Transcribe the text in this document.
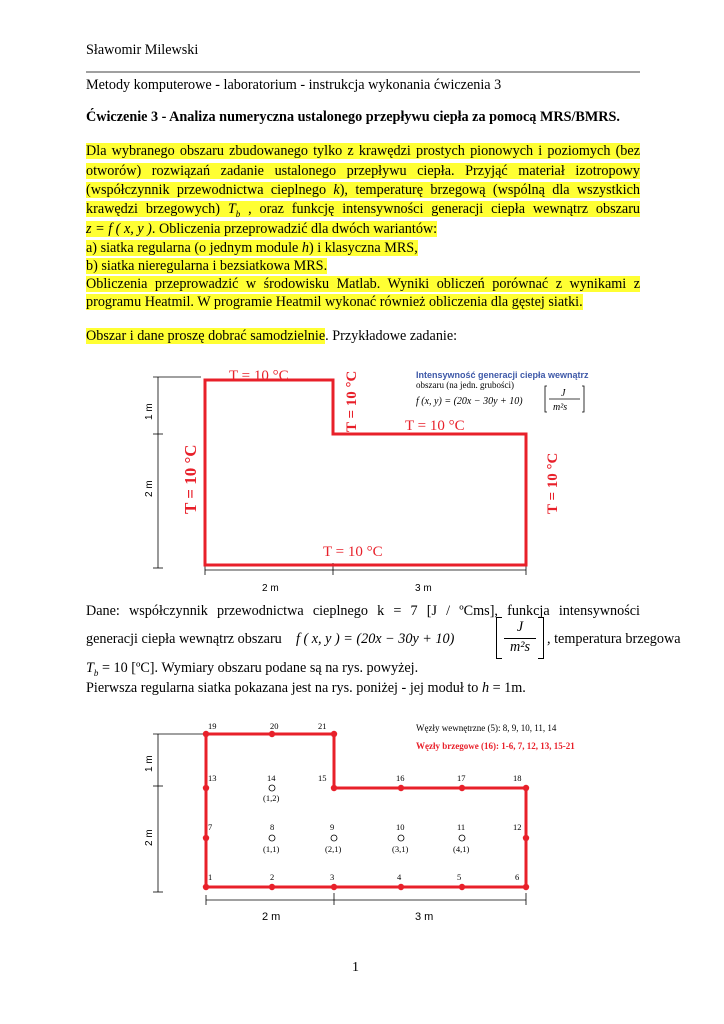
Sławomir Milewski
Metody komputerowe - laboratorium - instrukcja wykonania ćwiczenia 3
Ćwiczenie 3 - Analiza numeryczna ustalonego przepływu ciepła za pomocą MRS/BMRS.
Dla wybranego obszaru zbudowanego tylko z krawędzi prostych pionowych i poziomych (bez
otworów) rozwiązań zadanie ustalonego przepływu ciepła. Przyjąć materiał izotropowy
(współczynnik przewodnictwa cieplnego k), temperaturę brzegową (wspólną dla wszystkich
krawędzi brzegowych) $T_b$ , oraz funkcję intensywności generacji ciepła wewnątrz obszaru
z = f ( x, y ). Obliczenia przeprowadzić dla dwóch wariantów:
a) siatka regularna (o jednym module h) i klasyczna MRS,
b) siatka nieregularna i bezsiatkowa MRS.
Obliczenia przeprowadzić w środowisku Matlab. Wyniki obliczeń porównać z wynikami z
programu Heatmil. W programie Heatmil wykonać również obliczenia dla gęstej siatki.
Obszar i dane proszę dobrać samodzielnie. Przykładowe zadanie:
1 m
2 m
2 m	3 m
T = 10 °C	T = 10 °C	T = 10 °C
T = 10 °C	T = 10 °C
T = 10 °C
Intensywność generacji ciepła wewnątrz
obszaru (na jedn. grubości)
f (x, y) = (20x − 30y + 10)
J
m²s
Dane: współczynnik przewodnictwa cieplnego k = 7 [J / ºCms], funkcja intensywności
generacji ciepła wewnątrz obszaru f ( x, y ) = (20x − 30y + 10)
J
m²s	, temperatura brzegowa
$T_b = 10$ [ºC]. Wymiary obszaru podane są na rys. powyżej.
Pierwsza regularna siatka pokazana jest na rys. poniżej - jej moduł to h = 1m.
1 m
2 m
2 m	3 m
1	2	3	4	5	6
7	8	9	10	11	12
13	14	15	16	17	18
19	20	21
(1,2)
(1,1)	(2,1)	(3,1)	(4,1)
Węzły wewnętrzne (5): 8, 9, 10, 11, 14
Węzły brzegowe (16): 1-6, 7, 12, 13, 15-21
1
